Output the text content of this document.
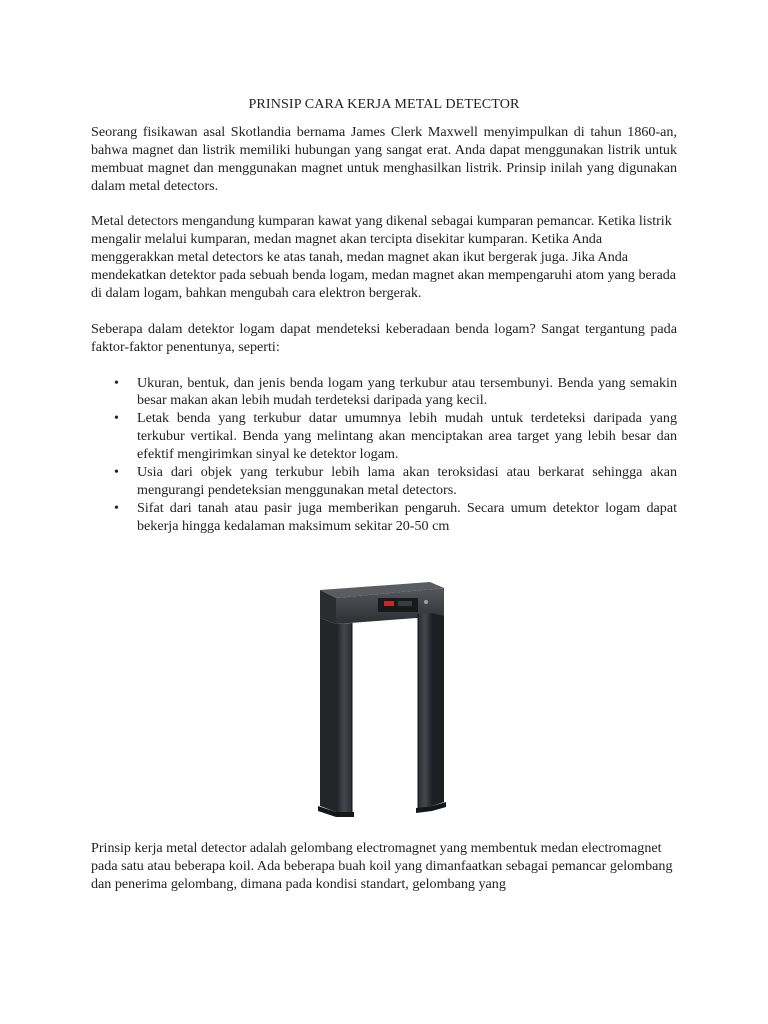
PRINSIP CARA KERJA METAL DETECTOR

Seorang fisikawan asal Skotlandia bernama James Clerk Maxwell menyimpulkan di tahun 1860-an, bahwa magnet dan listrik memiliki hubungan yang sangat erat. Anda dapat menggunakan listrik untuk membuat magnet dan menggunakan magnet untuk menghasilkan listrik. Prinsip inilah yang digunakan dalam metal detectors.

Metal detectors mengandung kumparan kawat yang dikenal sebagai kumparan pemancar. Ketika listrik mengalir melalui kumparan, medan magnet akan tercipta disekitar kumparan. Ketika Anda menggerakkan metal detectors ke atas tanah, medan magnet akan ikut bergerak juga. Jika Anda mendekatkan detektor pada sebuah benda logam, medan magnet akan mempengaruhi atom yang berada di dalam logam, bahkan mengubah cara elektron bergerak.

Seberapa dalam detektor logam dapat mendeteksi keberadaan benda logam? Sangat tergantung pada faktor-faktor penentunya, seperti:

• Ukuran, bentuk, dan jenis benda logam yang terkubur atau tersembunyi. Benda yang semakin besar makan akan lebih mudah terdeteksi daripada yang kecil.
• Letak benda yang terkubur datar umumnya lebih mudah untuk terdeteksi daripada yang terkubur vertikal. Benda yang melintang akan menciptakan area target yang lebih besar dan efektif mengirimkan sinyal ke detektor logam.
• Usia dari objek yang terkubur lebih lama akan teroksidasi atau berkarat sehingga akan mengurangi pendeteksian menggunakan metal detectors.
• Sifat dari tanah atau pasir juga memberikan pengaruh. Secara umum detektor logam dapat bekerja hingga kedalaman maksimum sekitar 20-50 cm

Prinsip kerja metal detector adalah gelombang electromagnet yang membentuk medan electromagnet pada satu atau beberapa koil. Ada beberapa buah koil yang dimanfaatkan sebagai pemancar gelombang dan penerima gelombang, dimana pada kondisi standart, gelombang yang
